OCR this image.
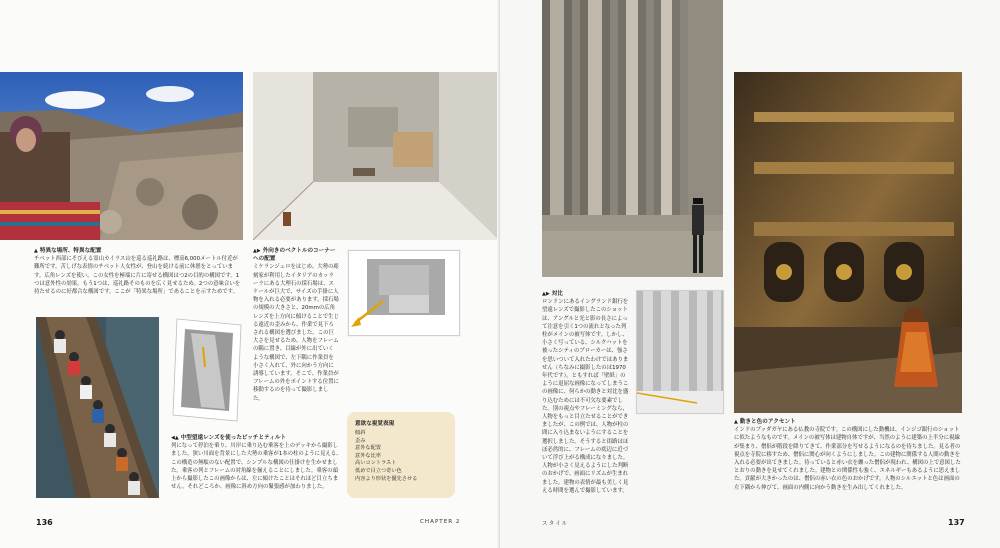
▲ 特異な場所、特異な配置
チベット西部にそびえる霊山カイラス山を巡る巡礼路は、標高6,000メートル付近が難所です。苦しげな表情のチベット人女性が、登山を続ける前に休憩をとっています。広角レンズを使い、この女性を極端に片に寄せる構図はつ2の目的の構図です。1つは意外性の効果。もう1つは、巡礼路そのものを広く見せるため。2つの意味合いを持たせるのに好都合な構図です。ここが「特異な場所」であることを示すためです。
▲▶ 外向きのベクトルのコーナーへの配置
ミケランジェロをはじめ、大勢の彫刻家が利用したイタリアのカッラーラにある大理石の採石場は、スケールが巨大で、サイズの手掛に人物を入れる必要があります。採石場の規模の大きさと、20mmの広角レンズを上方向に傾けることで生じる遠近の歪みから、作業で見下ろされる構図を選びました。この巨大さを見せるため、人物をフレームの隅に置き、目線が外に出ていくような構図で、左下隅に作業員を小さく入れて、外に向かう方向に誘導しています。そこで、作業員がフレームの外をポイントする位置に移動するのを待って撮影しました。
◀▲ 中型望遠レンズを使ったピッチとティルト
列になって停泊を乗り、川岸に乗り込む乗客を上のデッキから撮影しました。狭い川面を背景にした大勢の乗客が1本の柱のように見える、この構造の無駄のない配置で、シンプルな構図の仕掛けを生かせました。乗客の列とフレームの対角線を揃えることにしました。乗客の頭上から撮影したこの画像からは、左に傾けたことはそれほど目立ちません。それどころか、画像に斜め方向の緊張感が加わりました。
意欲な視覚表現
傾斜
歪み
意外な配置
意外な比率
高いコントラスト
低めで目立つ奇い色
内容より形状を優先させる
136	CHAPTER 2
▲▶ 対比
ロンドンにあるイングランド銀行を望遠レンズで撮影したこのショットは、アングルと光と影の長さによって注意を引く1つの流れとなった列柱がメインの被写体です。しかし、小さく写っている、シルクハットを被ったシティのブローカーは、強さを思いついて入れたわけではありません（ちなみに撮影したのは1970年代です）。ともすれば「壁紙」のように退屈な画像になってしまうこの画像に、何らかの動きと対比を盛り込むためには不可欠な要素でした。別の視点やフレーミングなら、人物をもっと目立たせることができましたが、この例では、人物が柱の間に入り込まないようにすることを選択しました。そうすると街路はほぼ必然的に、フレームの底辺に近づいて浮び上がる構成になりました。人物が小さく見えるようにした判断のおかげで、画面にリズムが生まれました。建物の表情が最も美しく見える時間を選んで撮影しています。
▲ 動きと色のアクセント
インドのブッダガヤにある仏教の寺院です。この構図にした動機は、インジゴ銀行のショットに似たようなものです。メインの被写体は建物自体ですが、当然のように建築の上半分に視線が集まり、僧侶が階段を降りてきて、作業部分を写せるようになるのを待ちました。見る者の視点を寺院に移すため、僧侶に関心が向くようにしました。この建物に関係する人間の動きを入れる必要が出てきました。待っていると赤い衣を纏った僧侶が現われ、構図の上で意図したとおりの動きを見せてくれました。建物との関係性も強く、エネルギーもあるように思えました。貢献が大きかったのは、僧侶の赤い衣の色のおかげです。人物のシルエットと色は画面の左下隅から伸びて、画面の内側に向かう動きを生み出してくれました。
スタイル	137
